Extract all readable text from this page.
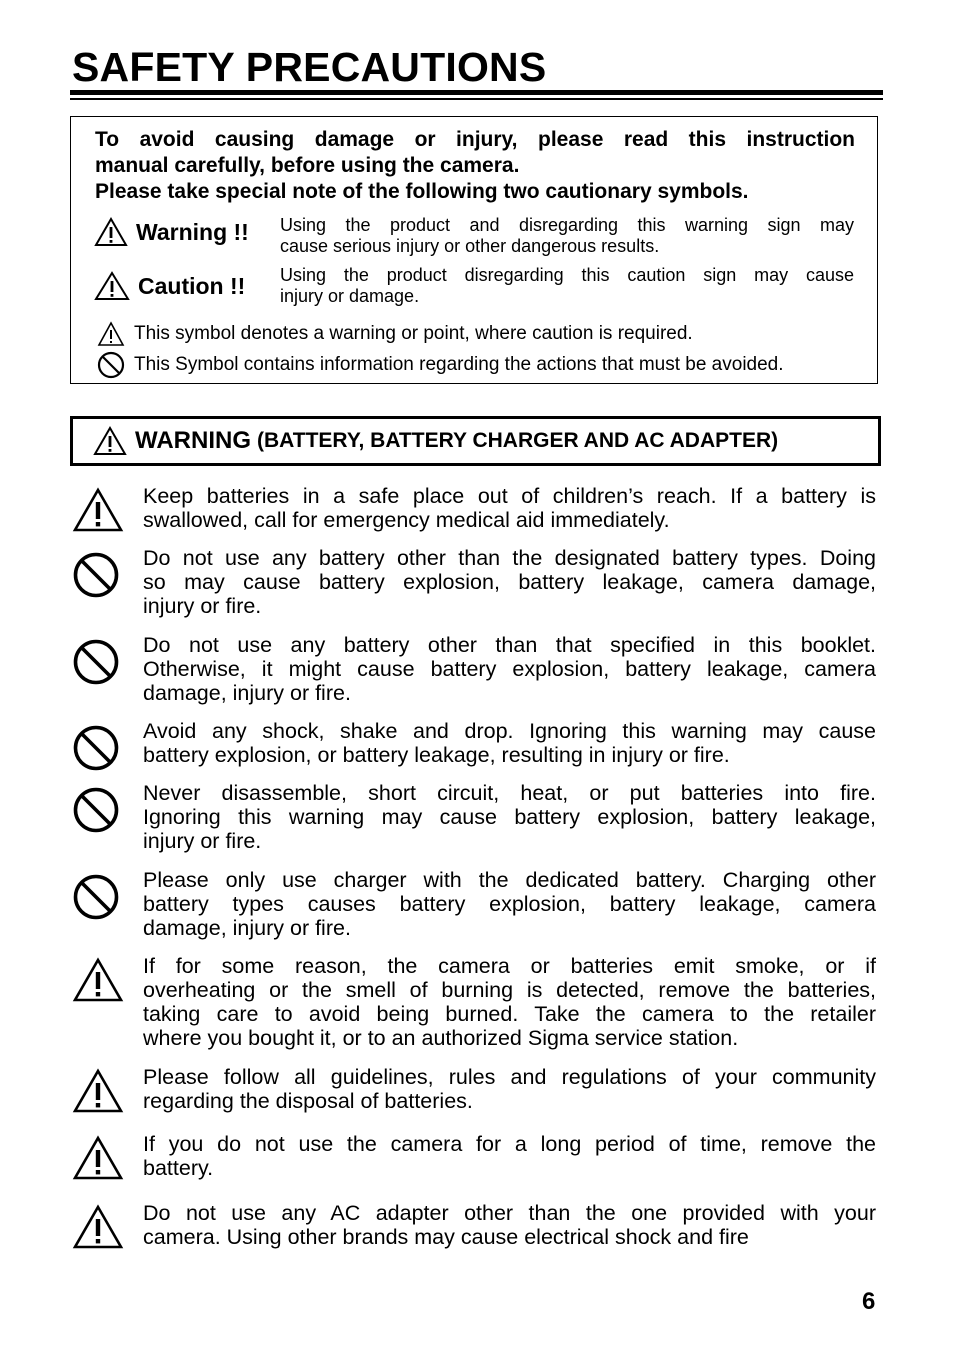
SAFETY PRECAUTIONS
To avoid causing damage or injury, please read this instruction
manual carefully, before using the camera.
Please take special note of the following two cautionary symbols.
Warning !! Using the product and disregarding this warning sign may
cause serious injury or other dangerous results.
Caution !! Using the product disregarding this caution sign may cause
injury or damage.
This symbol denotes a warning or point, where caution is required.
This Symbol contains information regarding the actions that must be avoided.
WARNING (BATTERY, BATTERY CHARGER AND AC ADAPTER)
Keep batteries in a safe place out of children’s reach. If a battery is
swallowed, call for emergency medical aid immediately.
Do not use any battery other than the designated battery types. Doing
so may cause battery explosion, battery leakage, camera damage,
injury or fire.
Do not use any battery other than that specified in this booklet.
Otherwise, it might cause battery explosion, battery leakage, camera
damage, injury or fire.
Avoid any shock, shake and drop. Ignoring this warning may cause
battery explosion, or battery leakage, resulting in injury or fire.
Never disassemble, short circuit, heat, or put batteries into fire.
Ignoring this warning may cause battery explosion, battery leakage,
injury or fire.
Please only use charger with the dedicated battery. Charging other
battery types causes battery explosion, battery leakage, camera
damage, injury or fire.
If for some reason, the camera or batteries emit smoke, or if
overheating or the smell of burning is detected, remove the batteries,
taking care to avoid being burned. Take the camera to the retailer
where you bought it, or to an authorized Sigma service station.
Please follow all guidelines, rules and regulations of your community
regarding the disposal of batteries.
If you do not use the camera for a long period of time, remove the
battery.
Do not use any AC adapter other than the one provided with your
camera. Using other brands may cause electrical shock and fire
6
